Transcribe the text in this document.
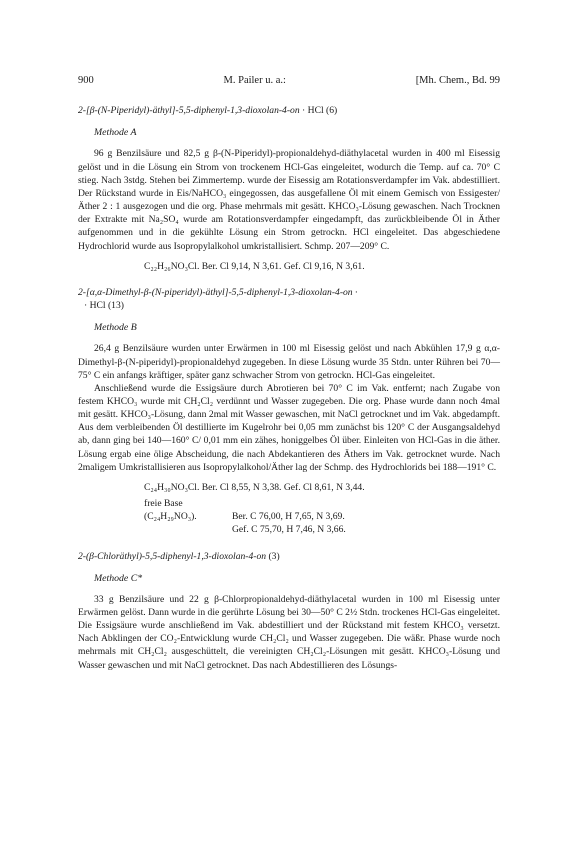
900	M. Pailer u. a.:	[Mh. Chem., Bd. 99
2-[β-(N-Piperidyl)-äthyl]-5,5-diphenyl-1,3-dioxolan-4-on · HCl (6)
Methode A

96 g Benzilsäure und 82,5 g β-(N-Piperidyl)-propionaldehyd-diäthylacetal wurden in 400 ml Eisessig gelöst und in die Lösung ein Strom von trockenem HCl-Gas eingeleitet, wodurch die Temp. auf ca. 70° C stieg. Nach 3stdg. Stehen bei Zimmertemp. wurde der Eisessig am Rotationsverdampfer im Vak. abdestilliert. Der Rückstand wurde in Eis/NaHCO₃ eingegossen, das ausgefallene Öl mit einem Gemisch von Essigester/Äther 2 : 1 ausgezogen und die org. Phase mehrmals mit gesätt. KHCO₃-Lösung gewaschen. Nach Trocknen der Extrakte mit Na₂SO₄ wurde am Rotationsverdampfer eingedampft, das zurückbleibende Öl in Äther aufgenommen und in die gekühlte Lösung ein Strom getrockn. HCl eingeleitet. Das abgeschiedene Hydrochlorid wurde aus Isopropylalkohol umkristallisiert. Schmp. 207—209° C.

C₂₂H₂₆NO₃Cl. Ber. Cl 9,14, N 3,61. Gef. Cl 9,16, N 3,61.
2-[α,α-Dimethyl-β-(N-piperidyl)-äthyl]-5,5-diphenyl-1,3-dioxolan-4-on ·
· HCl (13)
Methode B

26,4 g Benzilsäure wurden unter Erwärmen in 100 ml Eisessig gelöst und nach Abkühlen 17,9 g α,α-Dimethyl-β-(N-piperidyl)-propionaldehyd zugegeben. In diese Lösung wurde 35 Stdn. unter Rühren bei 70—75° C ein anfangs kräftiger, später ganz schwacher Strom von getrockn. HCl-Gas eingeleitet.

Anschließend wurde die Essigsäure durch Abrotieren bei 70° C im Vak. entfernt; nach Zugabe von festem KHCO₃ wurde mit CH₂Cl₂ verdünnt und Wasser zugegeben. Die org. Phase wurde dann noch 4mal mit gesätt. KHCO₃-Lösung, dann 2mal mit Wasser gewaschen, mit NaCl getrocknet und im Vak. abgedampft. Aus dem verbleibenden Öl destillierte im Kugelrohr bei 0,05 mm zunächst bis 120° C der Ausgangsaldehyd ab, dann ging bei 140—160° C/ 0,01 mm ein zähes, honiggelbes Öl über. Einleiten von HCl-Gas in die äther. Lösung ergab eine ölige Abscheidung, die nach Abdekantieren des Äthers im Vak. getrocknet wurde. Nach 2maligem Umkristallisieren aus Isopropylalkohol/Äther lag der Schmp. des Hydrochlorids bei 188—191° C.

C₂₄H₃₀NO₃Cl. Ber. Cl 8,55, N 3,38. Gef. Cl 8,61, N 3,44.
freie Base (C₂₄H₂₉NO₃).	Ber. C 76,00, H 7,65, N 3,69.
Gef. C 75,70, H 7,46, N 3,66.
2-(β-Chloräthyl)-5,5-diphenyl-1,3-dioxolan-4-on (3)
Methode C*

33 g Benzilsäure und 22 g β-Chlorpropionaldehyd-diäthylacetal wurden in 100 ml Eisessig unter Erwärmen gelöst. Dann wurde in die gerührte Lösung bei 30—50° C 2½ Stdn. trockenes HCl-Gas eingeleitet. Die Essigsäure wurde anschließend im Vak. abdestilliert und der Rückstand mit festem KHCO₃ versetzt. Nach Abklingen der CO₂-Entwicklung wurde CH₂Cl₂ und Wasser zugegeben. Die wäßr. Phase wurde noch mehrmals mit CH₂Cl₂ ausgeschüttelt, die vereinigten CH₂Cl₂-Lösungen mit gesätt. KHCO₃-Lösung und Wasser gewaschen und mit NaCl getrocknet. Das nach Abdestillieren des Lösungs-
